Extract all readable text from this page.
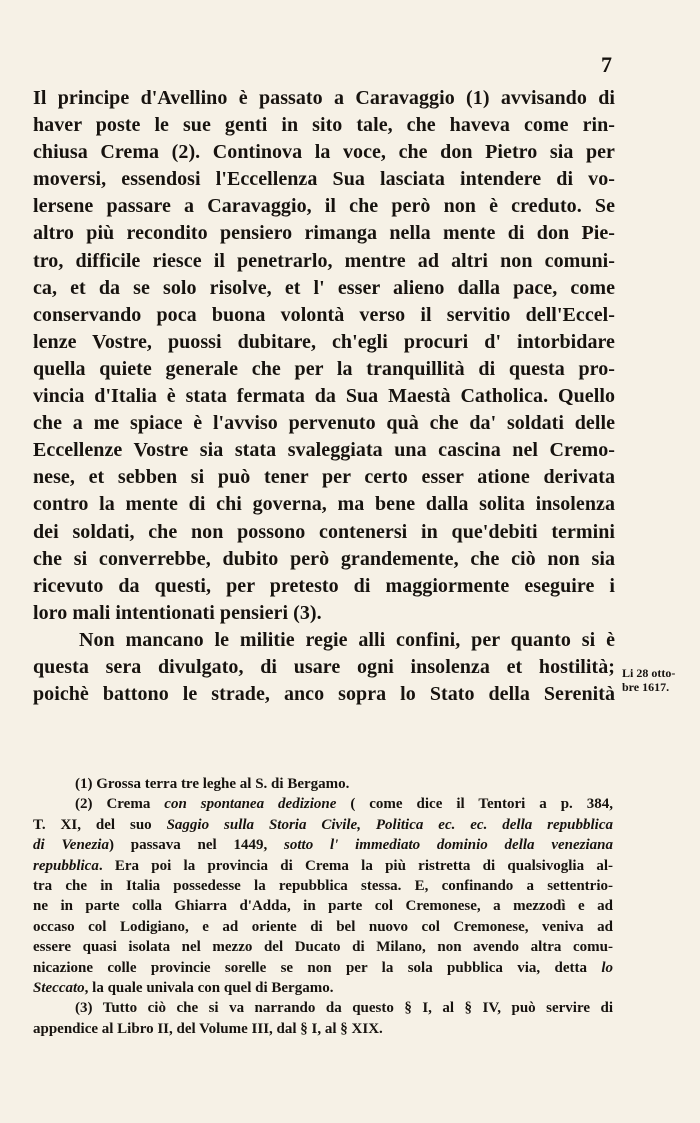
7
Il principe d'Avellino è passato a Caravaggio (1) avvisando di
haver poste le sue genti in sito tale, che haveva come rin-
chiusa Crema (2). Continova la voce, che don Pietro sia per
moversi, essendosi l'Eccellenza Sua lasciata intendere di vo-
lersene passare a Caravaggio, il che però non è creduto. Se
altro più recondito pensiero rimanga nella mente di don Pie-
tro, difficile riesce il penetrarlo, mentre ad altri non comuni-
ca, et da se solo risolve, et l' esser alieno dalla pace, come
conservando poca buona volontà verso il servitio dell'Eccel-
lenze Vostre, puossi dubitare, ch'egli procuri d' intorbidare
quella quiete generale che per la tranquillità di questa pro-
vincia d'Italia è stata fermata da Sua Maestà Catholica. Quello
che a me spiace è l'avviso pervenuto quà che da' soldati delle
Eccellenze Vostre sia stata svaleggiata una cascina nel Cremo-
nese, et sebben si può tener per certo esser atione derivata
contro la mente di chi governa, ma bene dalla solita insolenza
dei soldati, che non possono contenersi in que'debiti termini
che si converrebbe, dubito però grandemente, che ciò non sia
ricevuto da questi, per pretesto di maggiormente eseguire i
loro mali intentionati pensieri (3).
Non mancano le militie regie alli confini, per quanto si è
questa sera divulgato, di usare ogni insolenza et hostilità;
poichè battono le strade, anco sopra lo Stato della Serenità
Li 28 otto-
bre 1617.
(1) Grossa terra tre leghe al S. di Bergamo.
(2) Crema con spontanea dedizione ( come dice il Tentori a p. 384,
T. XI, del suo Saggio sulla Storia Civile, Politica ec. ec. della repubblica
di Venezia) passava nel 1449, sotto l' immediato dominio della veneziana
repubblica. Era poi la provincia di Crema la più ristretta di qualsivoglia al-
tra che in Italia possedesse la repubblica stessa. E, confinando a settentrio-
ne in parte colla Ghiarra d'Adda, in parte col Cremonese, a mezzodì e ad
occaso col Lodigiano, e ad oriente di bel nuovo col Cremonese, veniva ad
essere quasi isolata nel mezzo del Ducato di Milano, non avendo altra comu-
nicazione colle provincie sorelle se non per la sola pubblica via, detta lo
Steccato, la quale univala con quel di Bergamo.
(3) Tutto ciò che si va narrando da questo § I, al § IV, può servire di
appendice al Libro II, del Volume III, dal § I, al § XIX.
